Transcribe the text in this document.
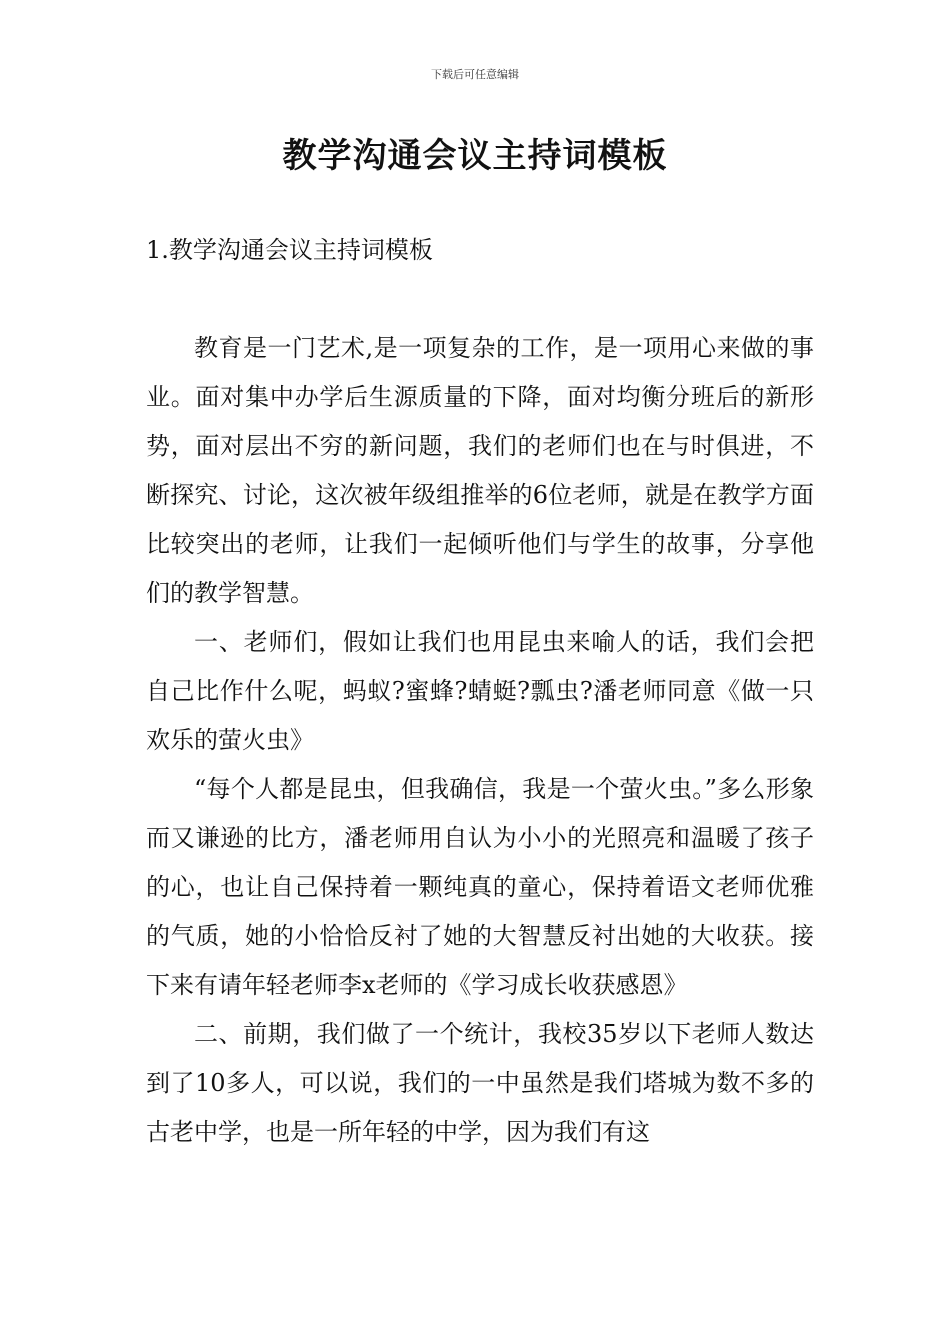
下载后可任意编辑
教学沟通会议主持词模板

1.教学沟通会议主持词模板

教育是一门艺术,是一项复杂的工作，是一项用心来做的事业。面对集中办学后生源质量的下降，面对均衡分班后的新形势，面对层出不穷的新问题，我们的老师们也在与时俱进，不断探究、讨论，这次被年级组推举的6位老师，就是在教学方面比较突出的老师，让我们一起倾听他们与学生的故事，分享他们的教学智慧。

一、老师们，假如让我们也用昆虫来喻人的话，我们会把自己比作什么呢，蚂蚁?蜜蜂?蜻蜓?瓢虫?潘老师同意《做一只欢乐的萤火虫》

“每个人都是昆虫，但我确信，我是一个萤火虫。”多么形象而又谦逊的比方，潘老师用自认为小小的光照亮和温暖了孩子的心，也让自己保持着一颗纯真的童心，保持着语文老师优雅的气质，她的小恰恰反衬了她的大智慧反衬出她的大收获。接下来有请年轻老师李x老师的《学习成长收获感恩》

二、前期，我们做了一个统计，我校35岁以下老师人数达到了10多人，可以说，我们的一中虽然是我们塔城为数不多的古老中学，也是一所年轻的中学，因为我们有这
